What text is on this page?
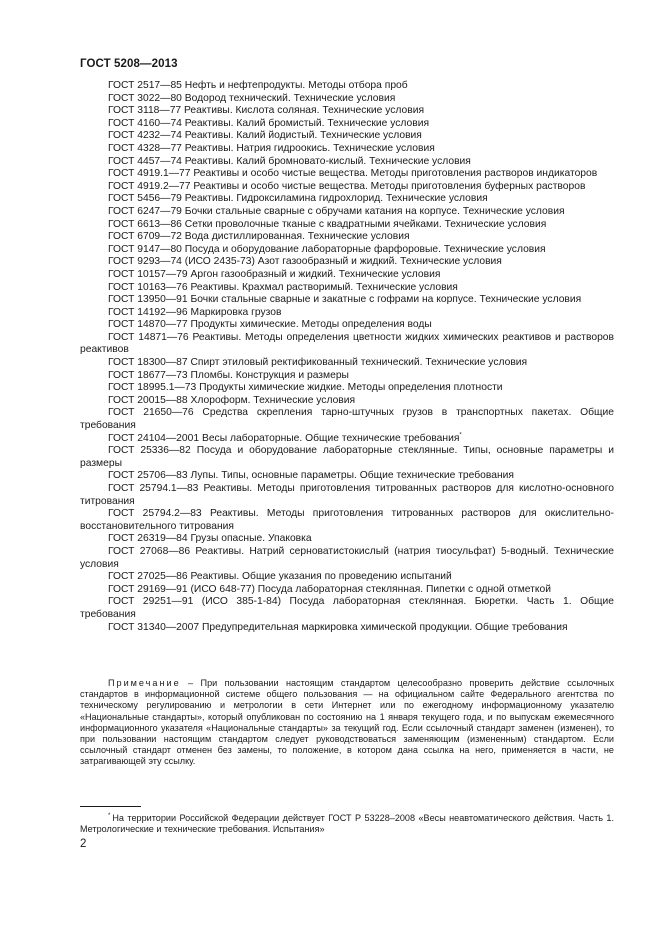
ГОСТ 5208—2013
ГОСТ 2517—85 Нефть и нефтепродукты. Методы отбора проб
ГОСТ 3022—80 Водород технический. Технические условия
ГОСТ 3118—77 Реактивы. Кислота соляная. Технические условия
ГОСТ 4160—74 Реактивы. Калий бромистый. Технические условия
ГОСТ 4232—74 Реактивы. Калий йодистый. Технические условия
ГОСТ 4328—77 Реактивы. Натрия гидроокись. Технические условия
ГОСТ 4457—74 Реактивы. Калий бромновато-кислый. Технические условия
ГОСТ 4919.1—77 Реактивы и особо чистые вещества. Методы приготовления растворов индикаторов
ГОСТ 4919.2—77 Реактивы и особо чистые вещества. Методы приготовления буферных растворов
ГОСТ 5456—79 Реактивы. Гидроксиламина гидрохлорид. Технические условия
ГОСТ 6247—79 Бочки стальные сварные с обручами катания на корпусе. Технические условия
ГОСТ 6613—86 Сетки проволочные тканые с квадратными ячейками. Технические условия
ГОСТ 6709—72 Вода дистиллированная. Технические условия
ГОСТ 9147—80 Посуда и оборудование лабораторные фарфоровые. Технические условия
ГОСТ 9293—74 (ИСО 2435-73) Азот газообразный и жидкий. Технические условия
ГОСТ 10157—79 Аргон газообразный и жидкий. Технические условия
ГОСТ 10163—76 Реактивы. Крахмал растворимый. Технические условия
ГОСТ 13950—91 Бочки стальные сварные и закатные с гофрами на корпусе. Технические условия
ГОСТ 14192—96 Маркировка грузов
ГОСТ 14870—77 Продукты химические. Методы определения воды
ГОСТ 14871—76 Реактивы. Методы определения цветности жидких химических реактивов и растворов реактивов
ГОСТ 18300—87 Спирт этиловый ректификованный технический. Технические условия
ГОСТ 18677—73 Пломбы. Конструкция и размеры
ГОСТ 18995.1—73 Продукты химические жидкие. Методы определения плотности
ГОСТ 20015—88 Хлороформ. Технические условия
ГОСТ 21650—76 Средства скрепления тарно-штучных грузов в транспортных пакетах. Общие требования
ГОСТ 24104—2001 Весы лабораторные. Общие технические требования*
ГОСТ 25336—82 Посуда и оборудование лабораторные стеклянные. Типы, основные параметры и размеры
ГОСТ 25706—83 Лупы. Типы, основные параметры. Общие технические требования
ГОСТ 25794.1—83 Реактивы. Методы приготовления титрованных растворов для кислотно-основного титрования
ГОСТ 25794.2—83 Реактивы. Методы приготовления титрованных растворов для окислительно-восстановительного титрования
ГОСТ 26319—84 Грузы опасные. Упаковка
ГОСТ 27068—86 Реактивы. Натрий серноватистокислый (натрия тиосульфат) 5-водный. Технические условия
ГОСТ 27025—86 Реактивы. Общие указания по проведению испытаний
ГОСТ 29169—91 (ИСО 648-77) Посуда лабораторная стеклянная. Пипетки с одной отметкой
ГОСТ 29251—91 (ИСО 385-1-84) Посуда лабораторная стеклянная. Бюретки. Часть 1. Общие требования
ГОСТ 31340—2007 Предупредительная маркировка химической продукции. Общие требования
Примечание – При пользовании настоящим стандартом целесообразно проверить действие ссылочных стандартов в информационной системе общего пользования — на официальном сайте Федерального агентства по техническому регулированию и метрологии в сети Интернет или по ежегодному информационному указателю «Национальные стандарты», который опубликован по состоянию на 1 января текущего года, и по выпускам ежемесячного информационного указателя «Национальные стандарты» за текущий год. Если ссылочный стандарт заменен (изменен), то при пользовании настоящим стандартом следует руководствоваться заменяющим (измененным) стандартом. Если ссылочный стандарт отменен без замены, то положение, в котором дана ссылка на него, применяется в части, не затрагивающей эту ссылку.
* На территории Российской Федерации действует ГОСТ Р 53228–2008 «Весы неавтоматического действия. Часть 1. Метрологические и технические требования. Испытания»
2
